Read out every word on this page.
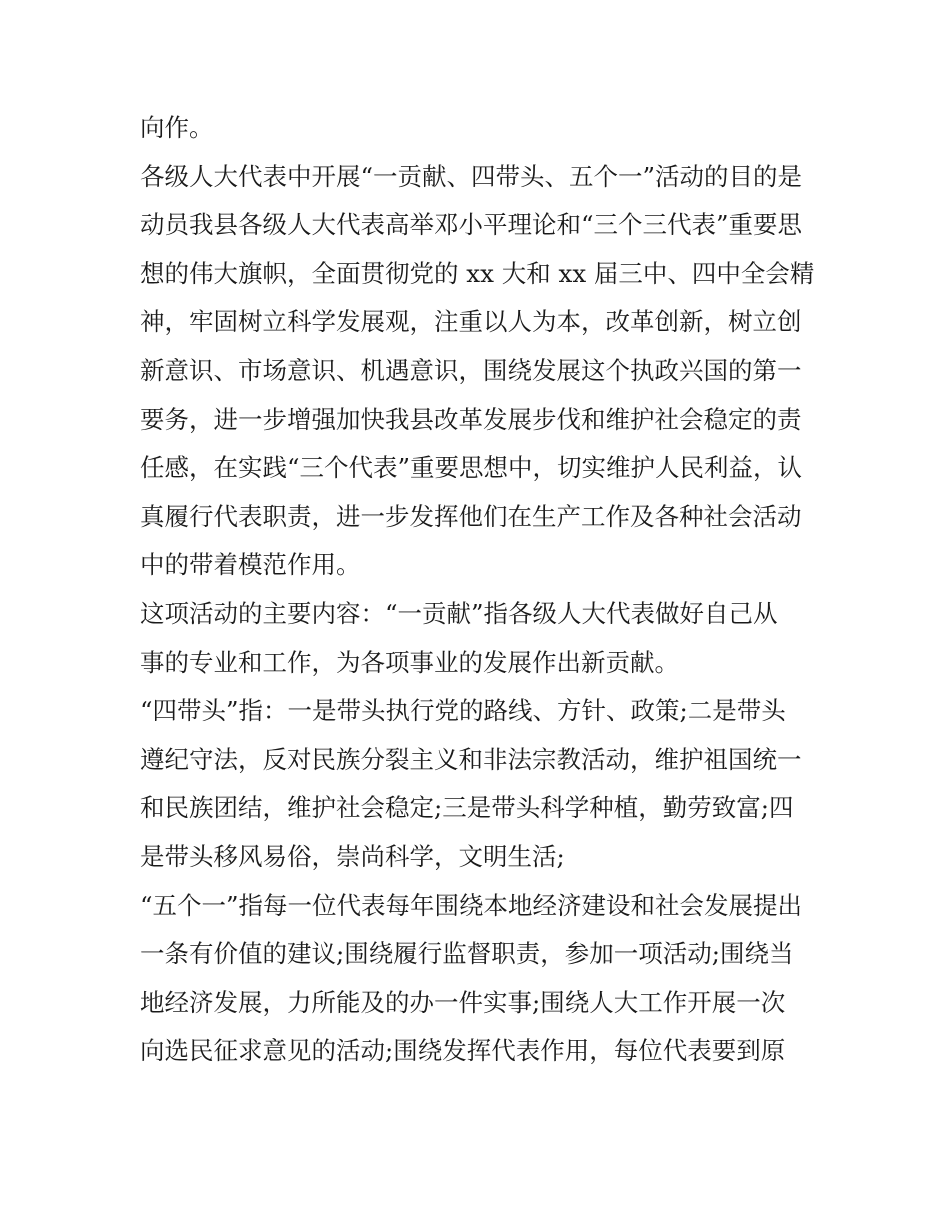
向作。
各级人大代表中开展“一贡献、四带头、五个一”活动的目的是
动员我县各级人大代表高举邓小平理论和“三个三代表”重要思
想的伟大旗帜，全面贯彻党的 xx 大和 xx 届三中、四中全会精
神，牢固树立科学发展观，注重以人为本，改革创新，树立创
新意识、市场意识、机遇意识，围绕发展这个执政兴国的第一
要务，进一步增强加快我县改革发展步伐和维护社会稳定的责
任感，在实践“三个代表”重要思想中，切实维护人民利益，认
真履行代表职责，进一步发挥他们在生产工作及各种社会活动
中的带着模范作用。
这项活动的主要内容：“一贡献”指各级人大代表做好自己从
事的专业和工作，为各项事业的发展作出新贡献。
“四带头”指：一是带头执行党的路线、方针、政策;二是带头
遵纪守法，反对民族分裂主义和非法宗教活动，维护祖国统一
和民族团结，维护社会稳定;三是带头科学种植，勤劳致富;四
是带头移风易俗，崇尚科学，文明生活;
“五个一”指每一位代表每年围绕本地经济建设和社会发展提出
一条有价值的建议;围绕履行监督职责，参加一项活动;围绕当
地经济发展，力所能及的办一件实事;围绕人大工作开展一次
向选民征求意见的活动;围绕发挥代表作用，每位代表要到原
